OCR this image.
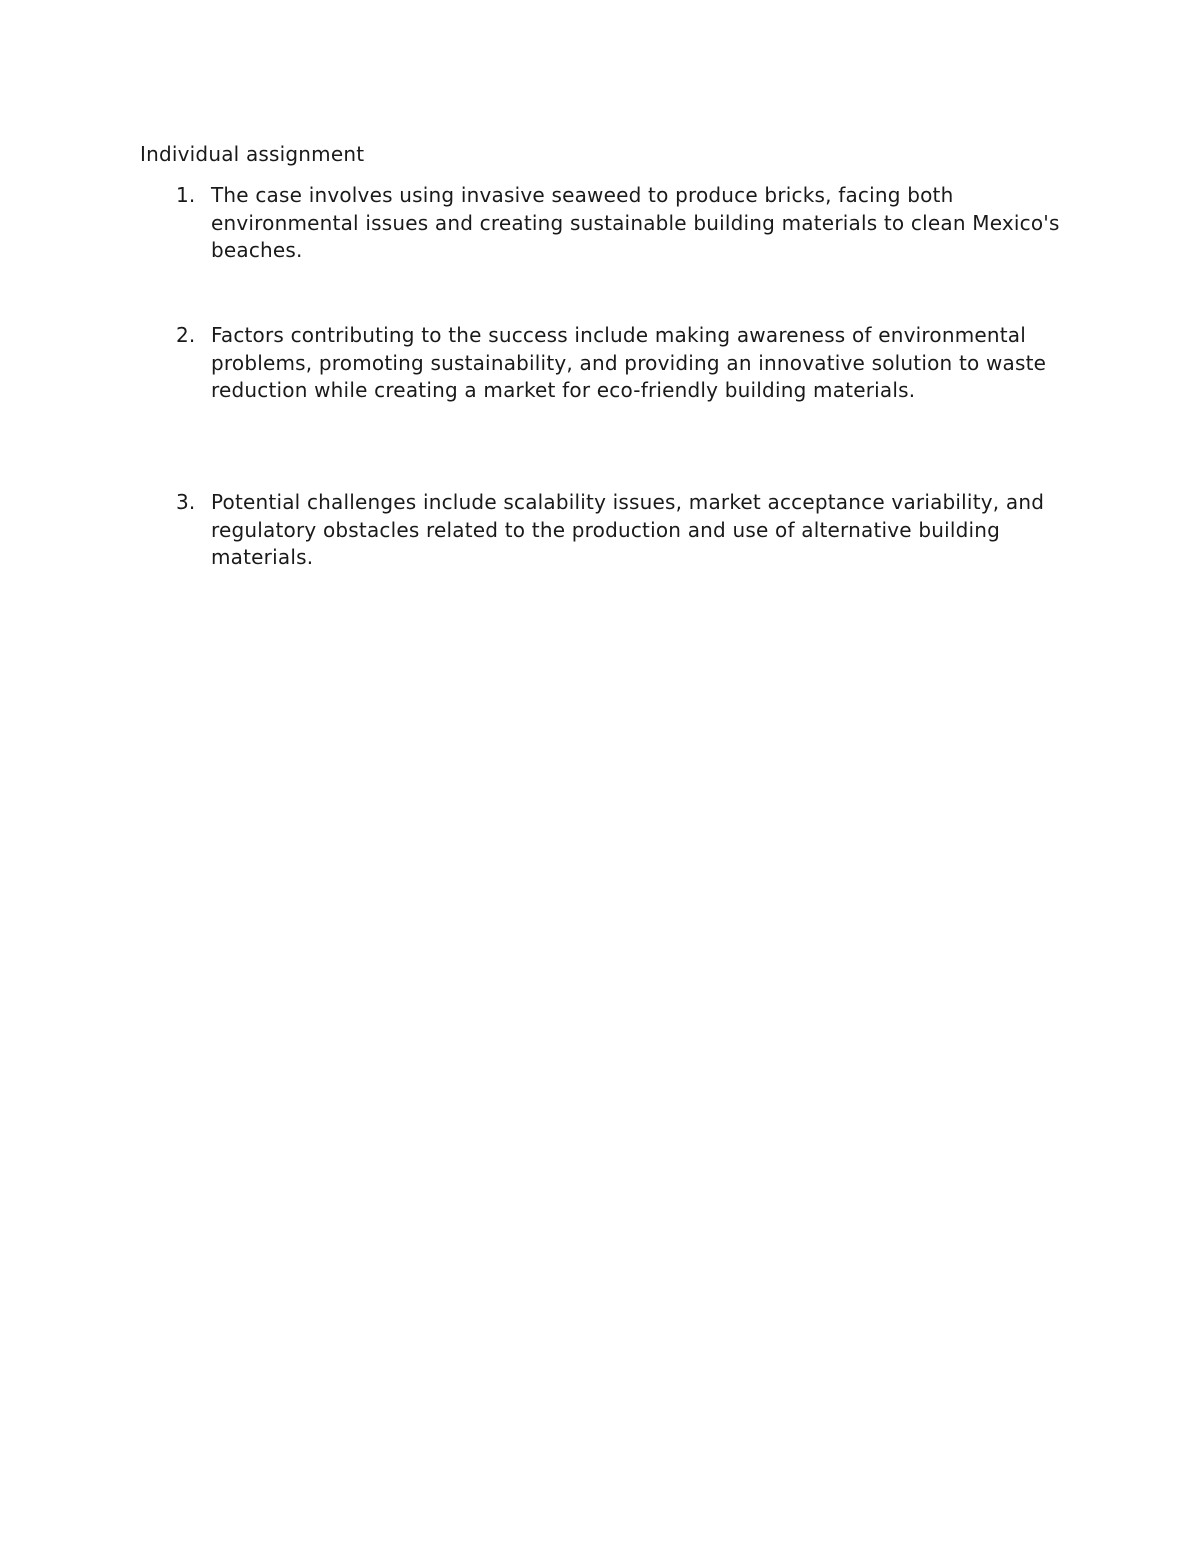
Individual assignment
1. The case involves using invasive seaweed to produce bricks, facing both environmental issues and creating sustainable building materials to clean Mexico's beaches.
2. Factors contributing to the success include making awareness of environmental problems, promoting sustainability, and providing an innovative solution to waste reduction while creating a market for eco-friendly building materials.
3. Potential challenges include scalability issues, market acceptance variability, and regulatory obstacles related to the production and use of alternative building materials.
